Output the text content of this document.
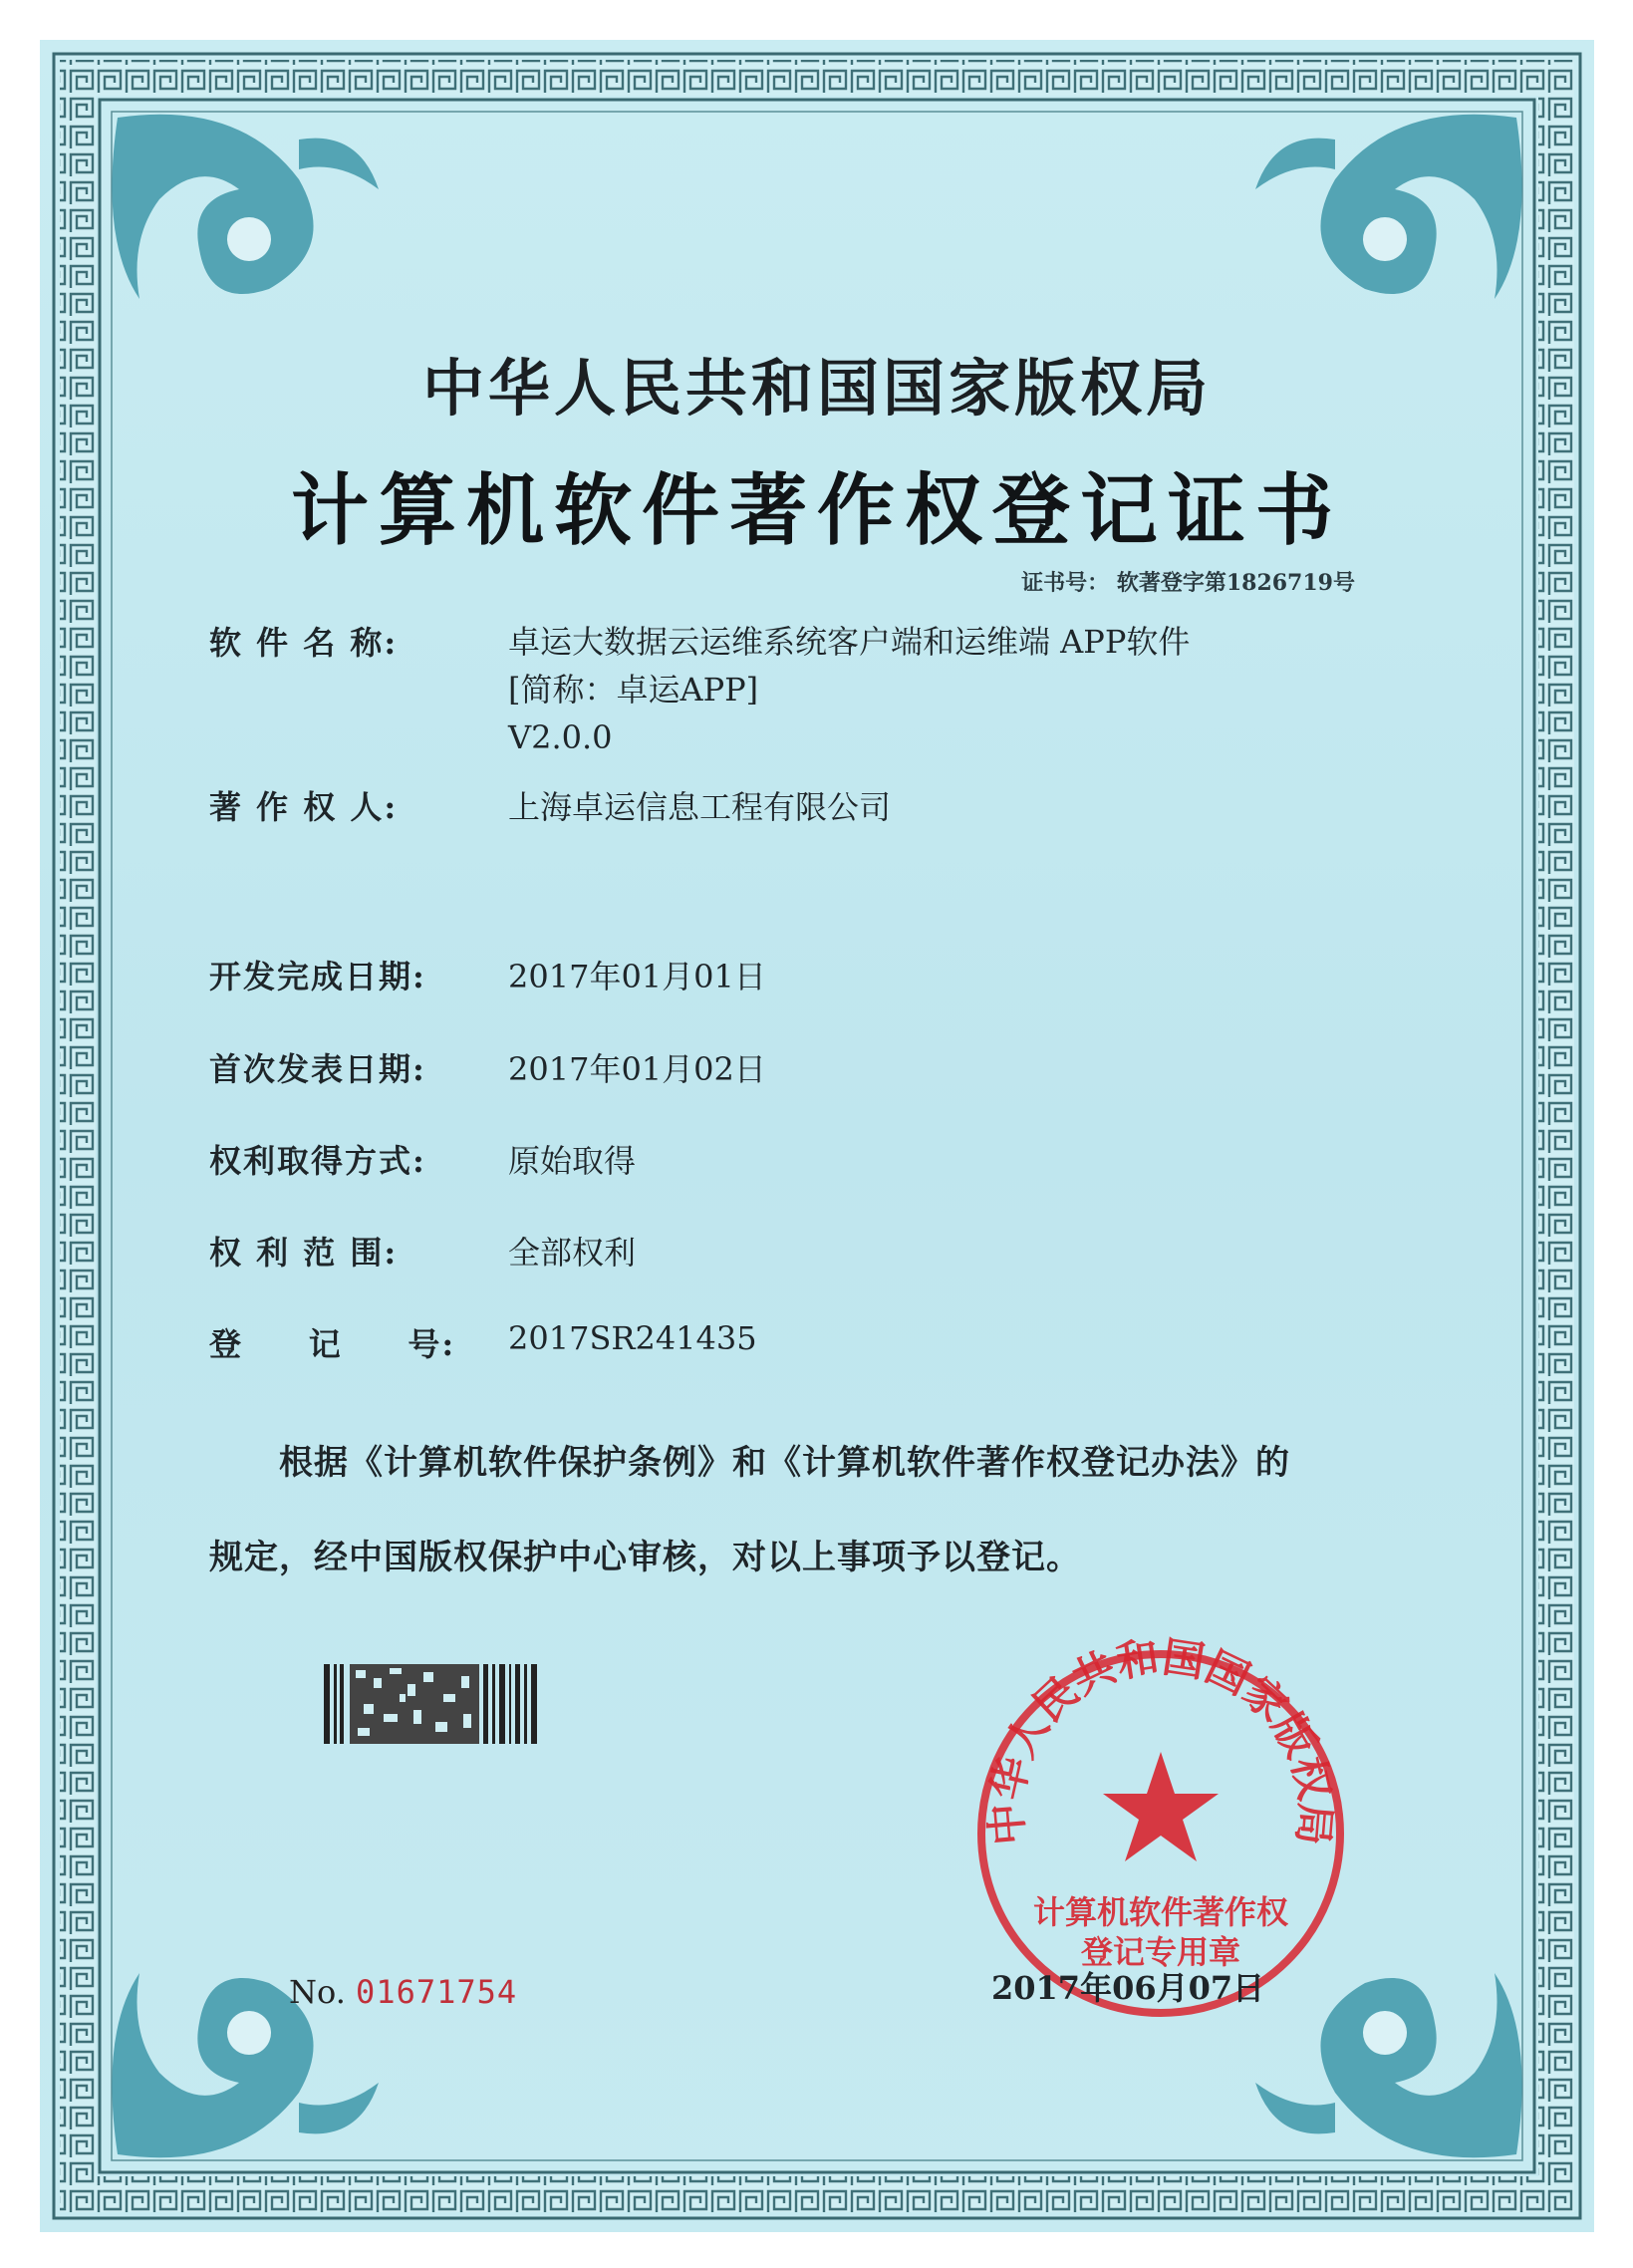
中华人民共和国国家版权局
计算机软件著作权登记证书
证书号： 软著登字第1826719号
软 件 名 称:	卓运大数据云运维系统客户端和运维端 APP软件
[简称：卓运APP]
V2.0.0
著 作 权 人:	上海卓运信息工程有限公司
开发完成日期:	2017年01月01日
首次发表日期:	2017年01月02日
权利取得方式:	原始取得
权 利 范 围:	全部权利
登     记     号: 2017SR241435
根据《计算机软件保护条例》和《计算机软件著作权登记办法》的
规定，经中国版权保护中心审核，对以上事项予以登记。
中华人民共和国国家版权局
计算机软件著作权
登记专用章
No. 01671754	2017年06月07日
